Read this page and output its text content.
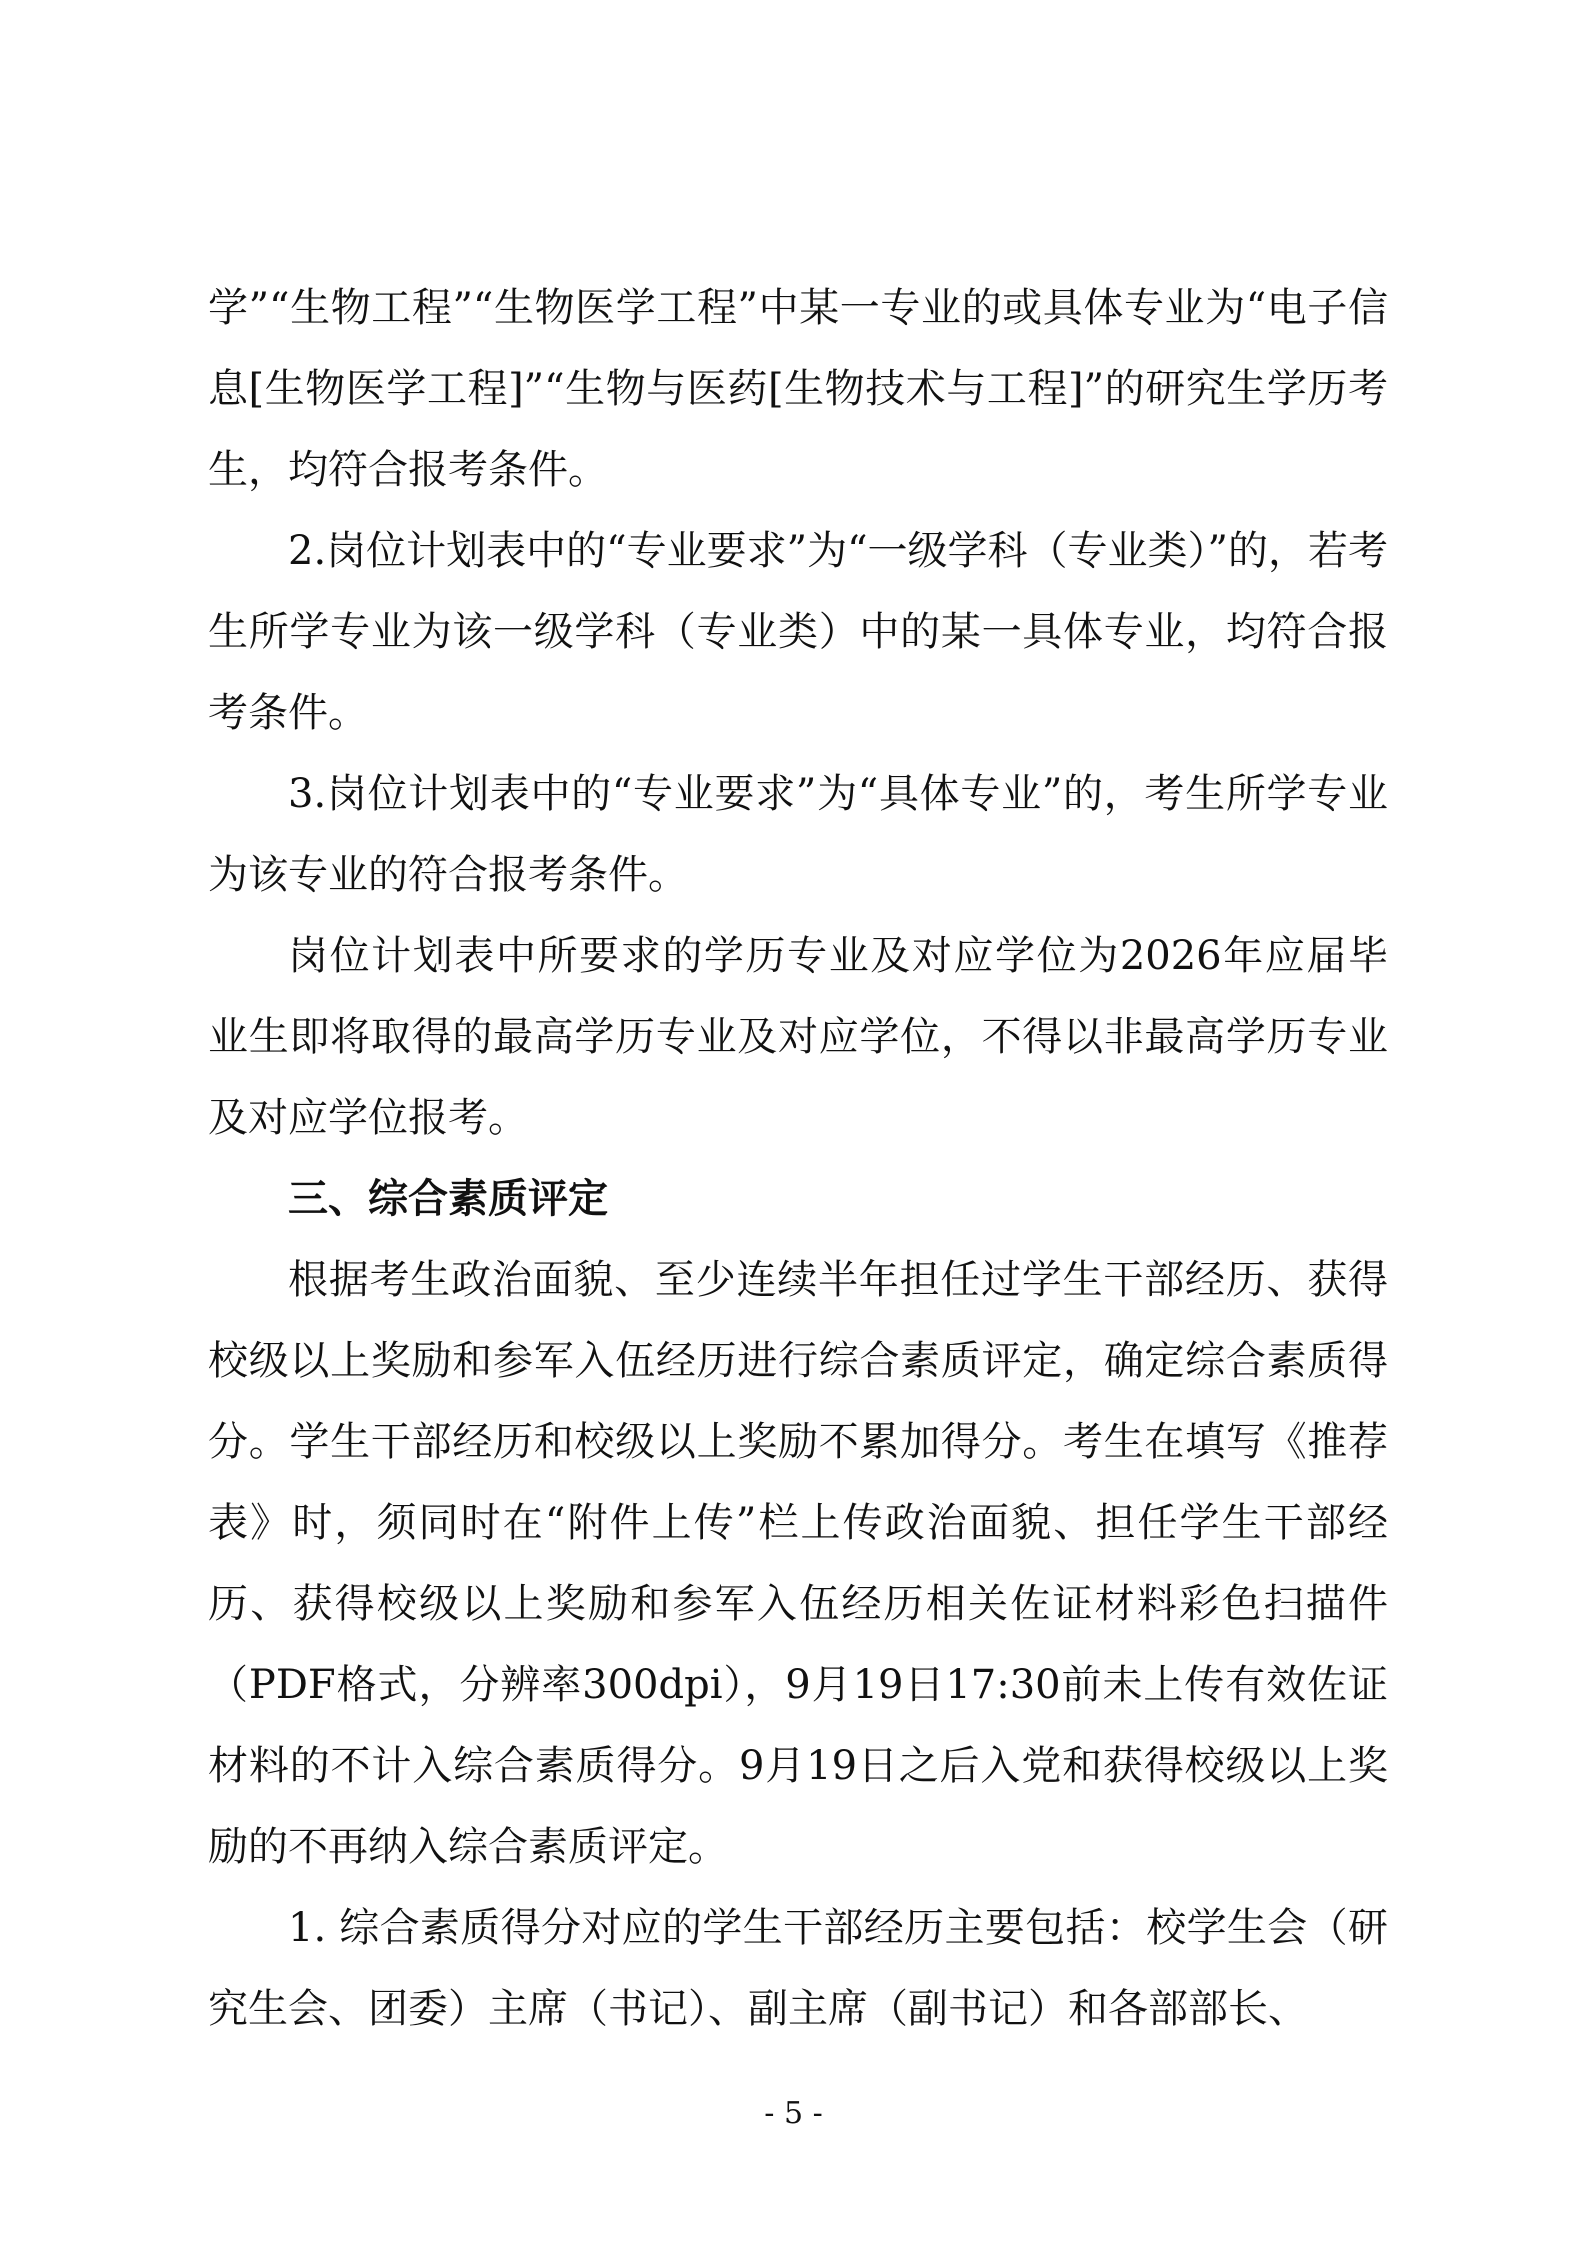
学”“生物工程”“生物医学工程”中某一专业的或具体专业为“电子信息[生物医学工程]”“生物与医药[生物技术与工程]”的研究生学历考生，均符合报考条件。

2.岗位计划表中的“专业要求”为“一级学科（专业类）”的，若考生所学专业为该一级学科（专业类）中的某一具体专业，均符合报考条件。

3.岗位计划表中的“专业要求”为“具体专业”的，考生所学专业为该专业的符合报考条件。

岗位计划表中所要求的学历专业及对应学位为2026年应届毕业生即将取得的最高学历专业及对应学位，不得以非最高学历专业及对应学位报考。

三、综合素质评定

根据考生政治面貌、至少连续半年担任过学生干部经历、获得校级以上奖励和参军入伍经历进行综合素质评定，确定综合素质得分。学生干部经历和校级以上奖励不累加得分。考生在填写《推荐表》时，须同时在“附件上传”栏上传政治面貌、担任学生干部经历、获得校级以上奖励和参军入伍经历相关佐证材料彩色扫描件（PDF格式，分辨率300dpi），9月19日17:30前未上传有效佐证材料的不计入综合素质得分。9月19日之后入党和获得校级以上奖励的不再纳入综合素质评定。

1. 综合素质得分对应的学生干部经历主要包括：校学生会（研究生会、团委）主席（书记）、副主席（副书记）和各部部长、

- 5 -
